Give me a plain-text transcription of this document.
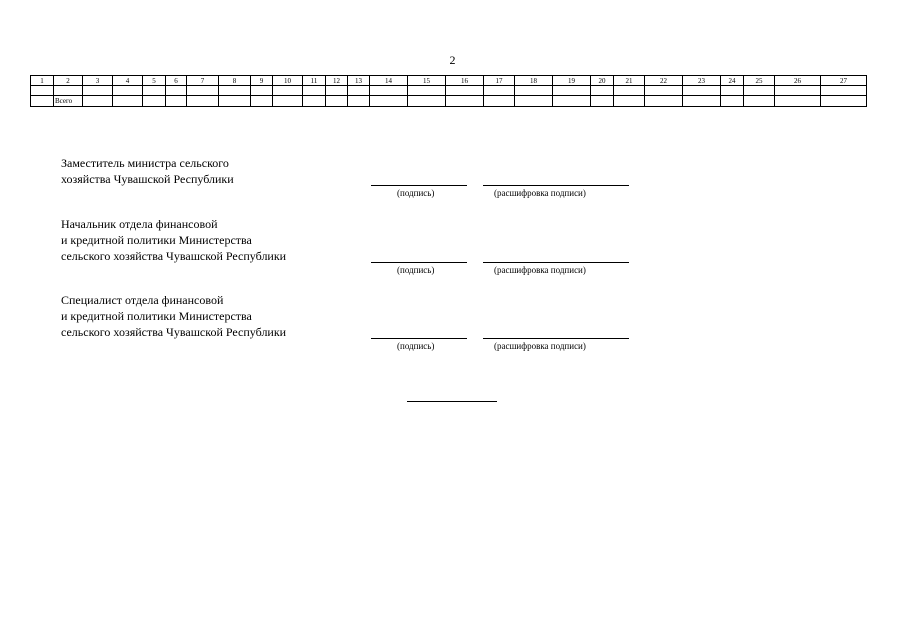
2
1	2	3	4	5	6	7	8	9	10	11	12	13	14	15	16	17	18	19	20	21	22	23	24	25	26	27

	Всего																									
Заместитель министра сельского
хозяйства Чувашской Республики
(подпись)	(расшифровка подписи)
Начальник отдела финансовой
и кредитной политики Министерства
сельского хозяйства Чувашской Республики
(подпись)	(расшифровка подписи)
Специалист отдела финансовой
и кредитной политики Министерства
сельского хозяйства Чувашской Республики
(подпись)	(расшифровка подписи)
